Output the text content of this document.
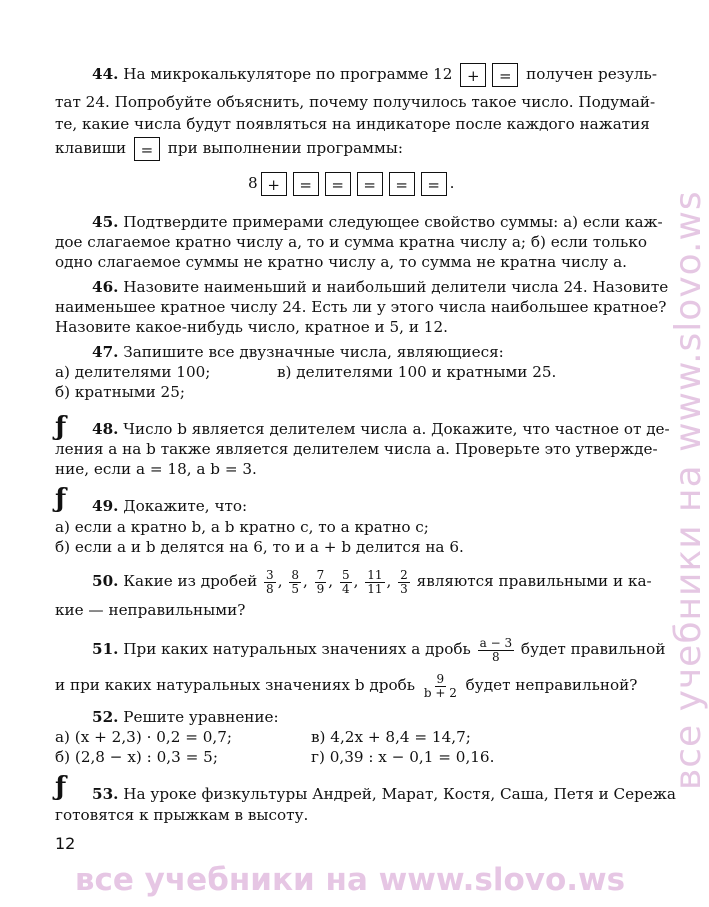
все учебники на www.slovo.ws
все учебники на www.slovo.ws
44. На микрокалькуляторе по программе 12 + = получен резуль-
тат 24. Попробуйте объяснить, почему получилось такое число. Подумай-
те, какие числа будут появляться на индикаторе после каждого нажатия
клавиши = при выполнении программы:
8 + = = = = = .
45. Подтвердите примерами следующее свойство суммы: а) если каж-
дое слагаемое кратно числу a, то и сумма кратна числу a; б) если только
одно слагаемое суммы не кратно числу a, то сумма не кратна числу a.
46. Назовите наименьший и наибольший делители числа 24. Назовите
наименьшее кратное числу 24. Есть ли у этого числа наибольшее кратное?
Назовите какое-нибудь число, кратное и 5, и 12.
47. Запишите все двузначные числа, являющиеся:
а) делителями 100;	в) делителями 100 и кратными 25.
б) кратными 25;
ƒ 48. Число b является делителем числа a. Докажите, что частное от де-
ления a на b также является делителем числа a. Проверьте это утвержде-
ние, если a = 18, а b = 3.
ƒ 49. Докажите, что:
а) если a кратно b, а b кратно c, то a кратно c;
б) если a и b делятся на 6, то и a + b делится на 6.
50. Какие из дробей $\frac{3}{8}$ , $\frac{8}{5}$ , $\frac{7}{9}$ , $\frac{5}{4}$ , $\frac{11}{11}$ , $\frac{2}{3}$ являются правильными и ка-
кие — неправильными?
51. При каких натуральных значениях a дробь $\frac{a - 3}{8}$ будет правильной
и при каких натуральных значениях b дробь $\frac{9}{b + 2}$ будет неправильной?
52. Решите уравнение:
а) (x + 2,3) · 0,2 = 0,7;	в) 4,2x + 8,4 = 14,7;
б) (2,8 − x) : 0,3 = 5;	г) 0,39 : x − 0,1 = 0,16.
ƒ 53. На уроке физкультуры Андрей, Марат, Костя, Саша, Петя и Сережа
готовятся к прыжкам в высоту.
12
